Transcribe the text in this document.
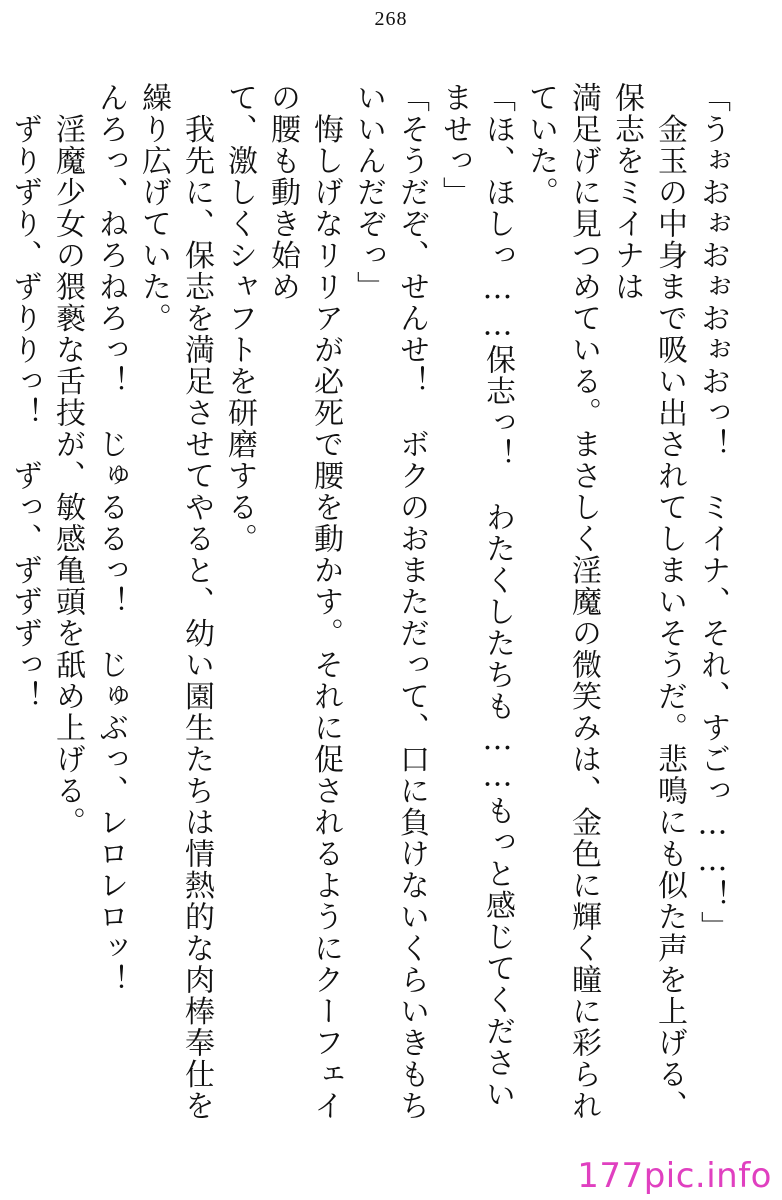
268

「うぉおぉおぉおぉおっ！　ミイナ、それ、すごっ……！」

　金玉の中身まで吸い出されてしまいそうだ。悲鳴にも似た声を上げる、保志をミイナは

満足げに見つめている。まさしく淫魔の微笑みは、金色に輝く瞳に彩られていた。

「ほ、ほしっ……保志っ！　わたくしたちも……もっと感じてくださいませっ」

「そうだぞ、せんせ！　ボクのおまただって、口に負けないくらいきもちいいんだぞっ」

　悔しげなリリアが必死で腰を動かす。それに促されるようにクーフェイの腰も動き始め

て、激しくシャフトを研磨する。

　我先に、保志を満足させてやると、幼い園生たちは情熱的な肉棒奉仕を繰り広げていた。

んろっ、ねろねろっ！　じゅるるっ！　じゅぶっ、レロレロッ！

　淫魔少女の猥褻な舌技が、敏感亀頭を舐め上げる。

　ずりずり、ずりりっ！　ずっ、ずずずっ！

177pic.info
